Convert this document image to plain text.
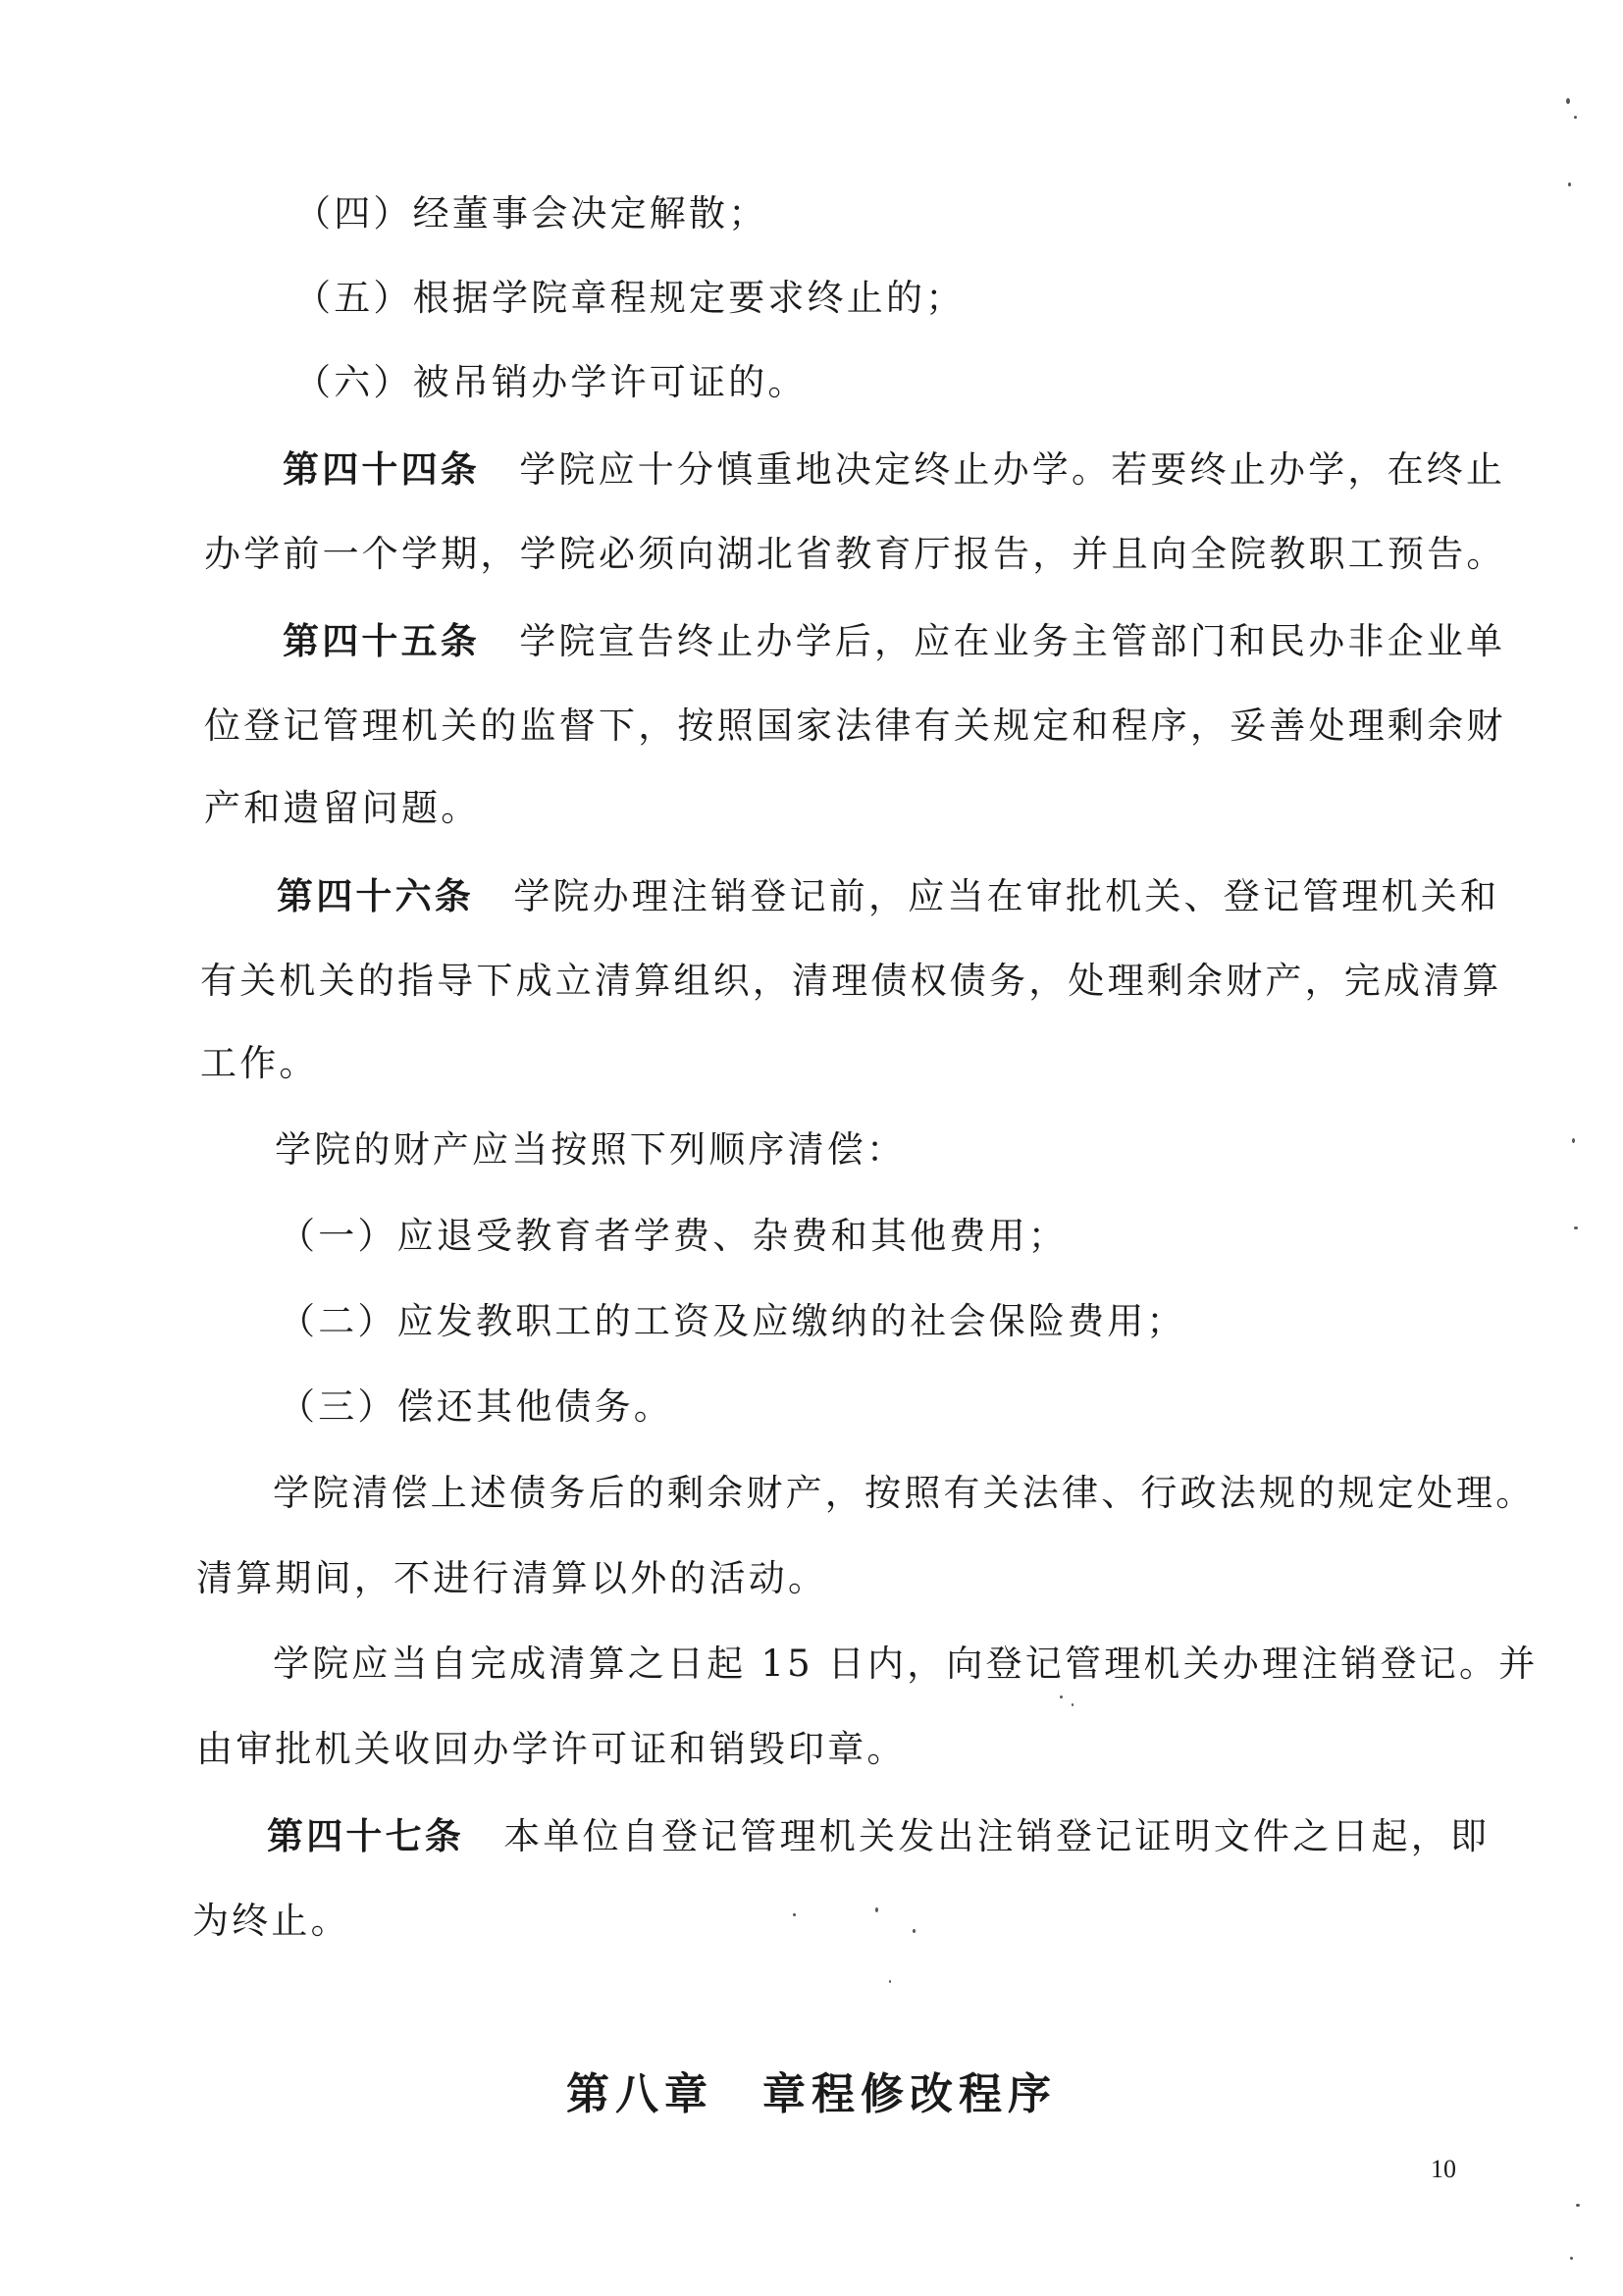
（四）经董事会决定解散；
（五）根据学院章程规定要求终止的；
（六）被吊销办学许可证的。
第四十四条　 学院应十分慎重地决定终止办学。若要终止办学，在终止
办学前一个学期，学院必须向湖北省教育厅报告，并且向全院教职工预告。
第四十五条　 学院宣告终止办学后，应在业务主管部门和民办非企业单
位登记管理机关的监督下，按照国家法律有关规定和程序，妥善处理剩余财
产和遗留问题。
第四十六条　 学院办理注销登记前，应当在审批机关、登记管理机关和
有关机关的指导下成立清算组织，清理债权债务，处理剩余财产，完成清算
工作。
学院的财产应当按照下列顺序清偿：
（一）应退受教育者学费、杂费和其他费用；
（二）应发教职工的工资及应缴纳的社会保险费用；
（三）偿还其他债务。
学院清偿上述债务后的剩余财产，按照有关法律、行政法规的规定处理。
清算期间，不进行清算以外的活动。
学院应当自完成清算之日起 15 日内，向登记管理机关办理注销登记。并
由审批机关收回办学许可证和销毁印章。
第四十七条　 本单位自登记管理机关发出注销登记证明文件之日起，即
为终止。
第八章　章程修改程序
10
